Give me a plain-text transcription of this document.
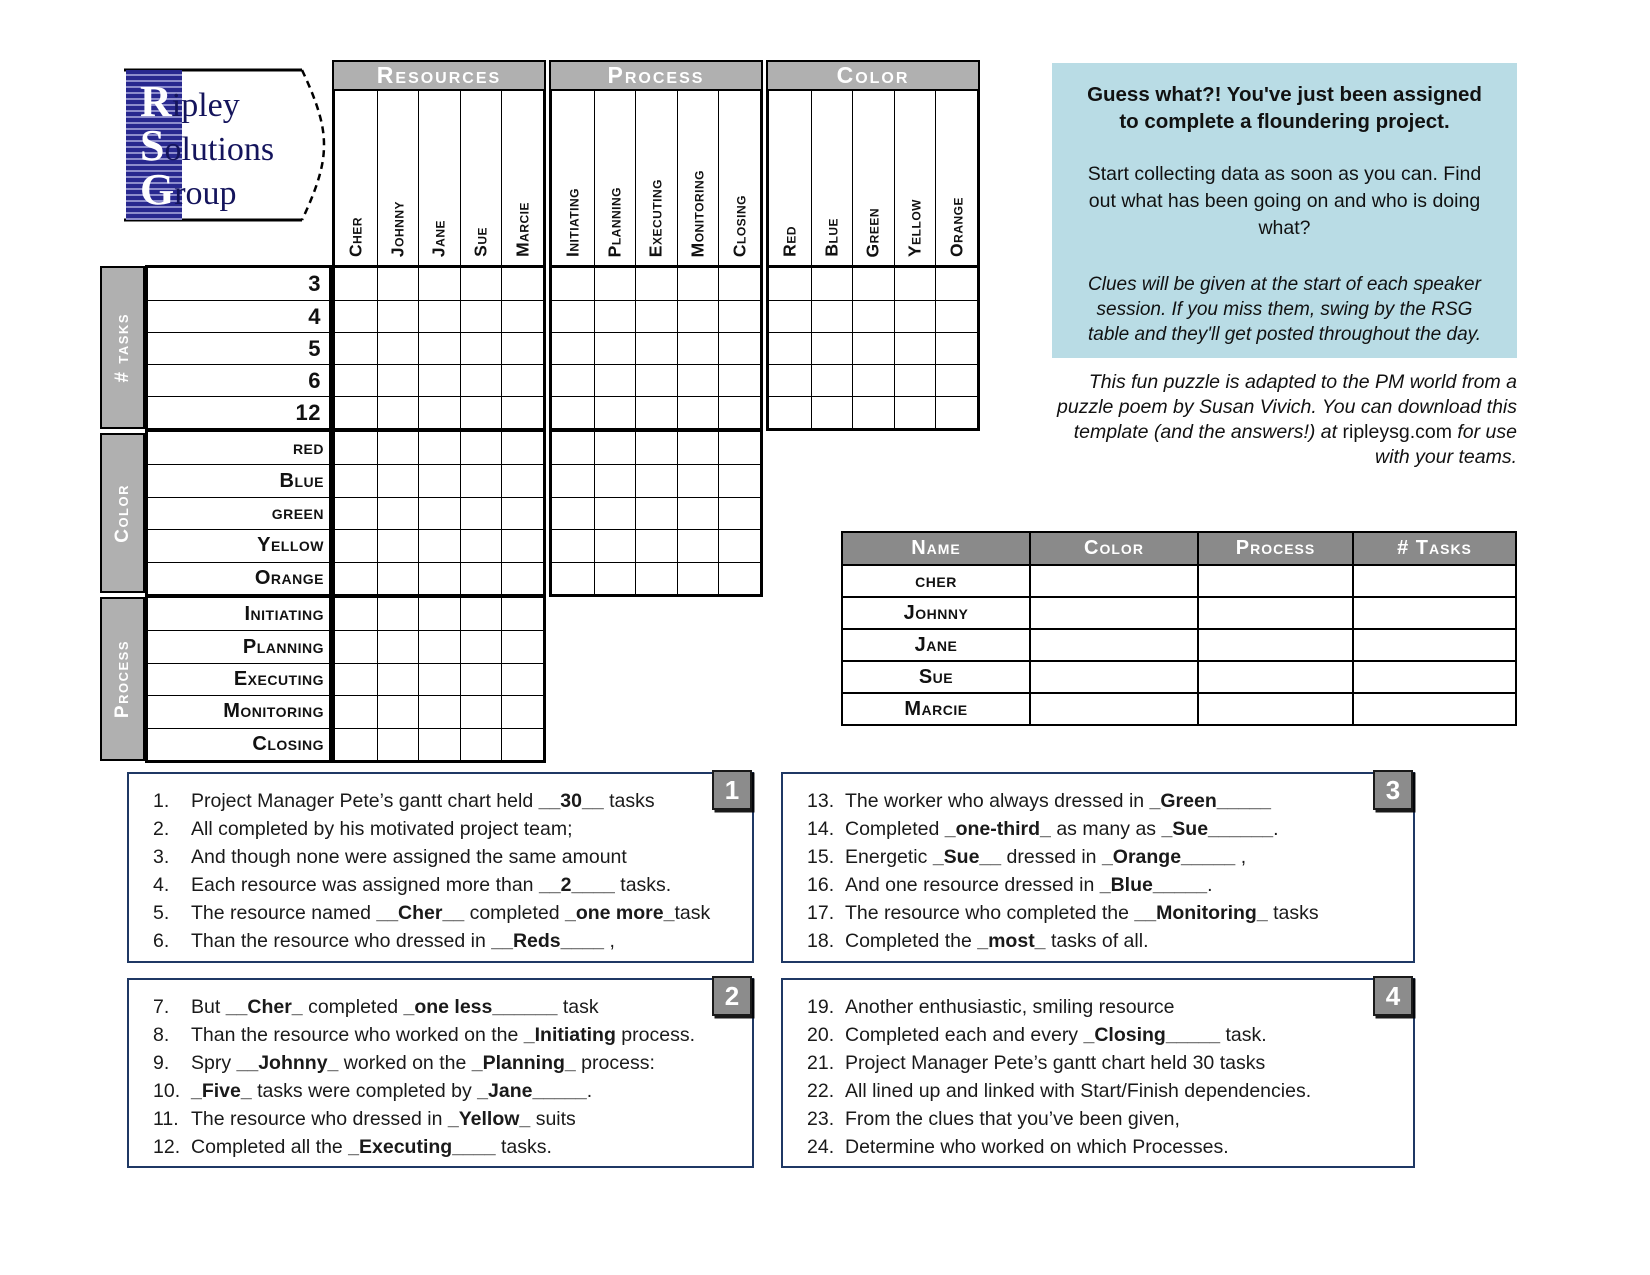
Ripley
Solutions
Group
Resources	Process	Color
Cher Johnny Jane Sue Marcie Initiating Planning Executing Monitoring Closing Red Blue Green Yellow Orange
# tasks
Color
Process
3
4
5
6
12
red
Blue
green
Yellow
Orange
Initiating
Planning
Executing
Monitoring
Closing

Guess what?! You've just been assigned to complete a floundering project.

Start collecting data as soon as you can. Find out what has been going on and who is doing what?

Clues will be given at the start of each speaker session. If you miss them, swing by the RSG table and they'll get posted throughout the day.

This fun puzzle is adapted to the PM world from a puzzle poem by Susan Vivich. You can download this template (and the answers!) at ripleysg.com for use with your teams.
Name	Color	Process	# Tasks
cher
Johnny
Jane
Sue
Marcie
1
1.	Project Manager Pete’s gantt chart held __30__ tasks
2.	All completed by his motivated project team;
3.	And though none were assigned the same amount
4.	Each resource was assigned more than __2____ tasks.
5.	The resource named __Cher__ completed _one more_task
6.	Than the resource who dressed in __Reds____ ,
2
7.	But __Cher_ completed _one less______ task
8.	Than the resource who worked on the _Initiating process.
9.	Spry __Johnny_ worked on the _Planning_ process:
10. _Five_ tasks were completed by _Jane_____.
11. The resource who dressed in _Yellow_ suits
12. Completed all the _Executing____ tasks.
3
13. The worker who always dressed in _Green_____
14. Completed _one-third_ as many as _Sue______.
15. Energetic _Sue__ dressed in _Orange_____ ,
16. And one resource dressed in _Blue_____.
17. The resource who completed the __Monitoring_ tasks
18. Completed the _most_ tasks of all.
4
19. Another enthusiastic, smiling resource
20. Completed each and every _Closing_____ task.
21. Project Manager Pete’s gantt chart held 30 tasks
22. All lined up and linked with Start/Finish dependencies.
23. From the clues that you’ve been given,
24. Determine who worked on which Processes.
